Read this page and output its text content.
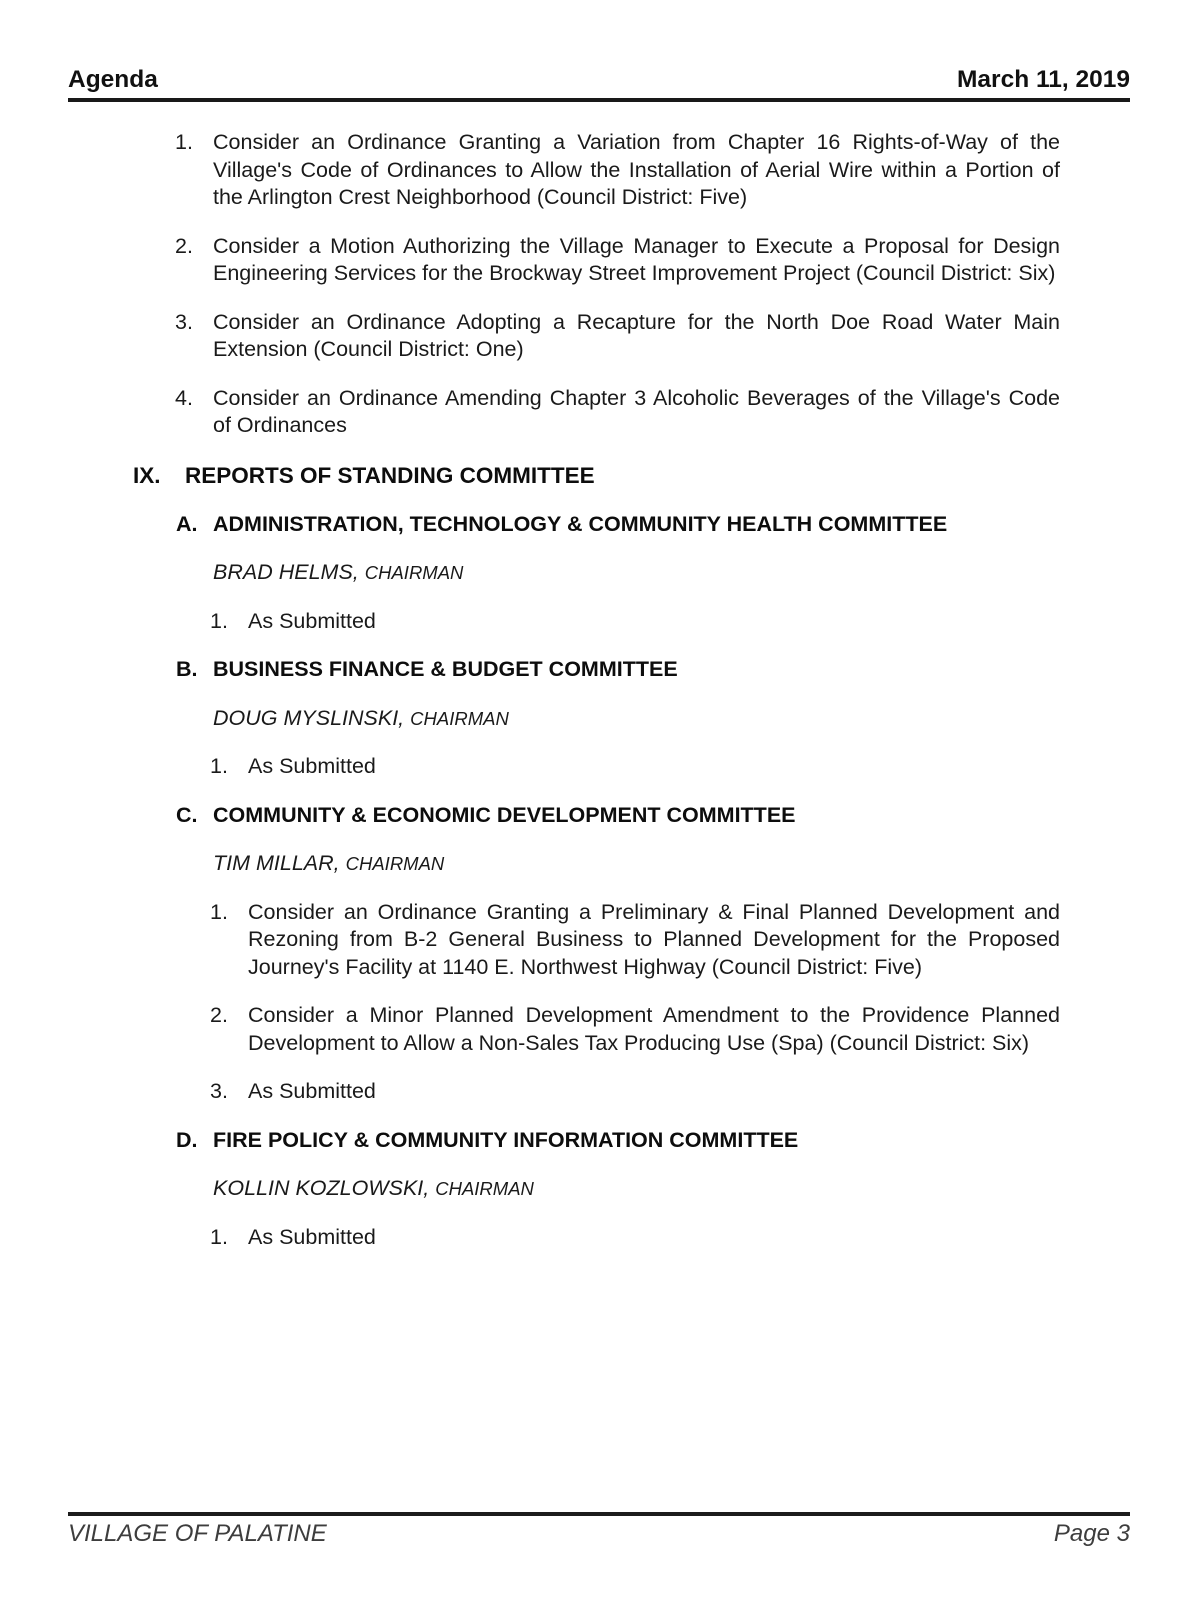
Agenda	March 11, 2019
1. Consider an Ordinance Granting a Variation from Chapter 16 Rights-of-Way of the Village's Code of Ordinances to Allow the Installation of Aerial Wire within a Portion of the Arlington Crest Neighborhood (Council District: Five)
2. Consider a Motion Authorizing the Village Manager to Execute a Proposal for Design Engineering Services for the Brockway Street Improvement Project (Council District: Six)
3. Consider an Ordinance Adopting a Recapture for the North Doe Road Water Main Extension (Council District: One)
4. Consider an Ordinance Amending Chapter 3 Alcoholic Beverages of the Village's Code of Ordinances
IX.	REPORTS OF STANDING COMMITTEE
A. ADMINISTRATION, TECHNOLOGY & COMMUNITY HEALTH COMMITTEE
BRAD HELMS, CHAIRMAN
1. As Submitted
B. BUSINESS FINANCE & BUDGET COMMITTEE
DOUG MYSLINSKI, CHAIRMAN
1. As Submitted
C. COMMUNITY & ECONOMIC DEVELOPMENT COMMITTEE
TIM MILLAR, CHAIRMAN
1. Consider an Ordinance Granting a Preliminary & Final Planned Development and Rezoning from B-2 General Business to Planned Development for the Proposed Journey's Facility at 1140 E. Northwest Highway (Council District: Five)
2. Consider a Minor Planned Development Amendment to the Providence Planned Development to Allow a Non-Sales Tax Producing Use (Spa) (Council District: Six)
3. As Submitted
D. FIRE POLICY & COMMUNITY INFORMATION COMMITTEE
KOLLIN KOZLOWSKI, CHAIRMAN
1. As Submitted
VILLAGE OF PALATINE	Page 3
